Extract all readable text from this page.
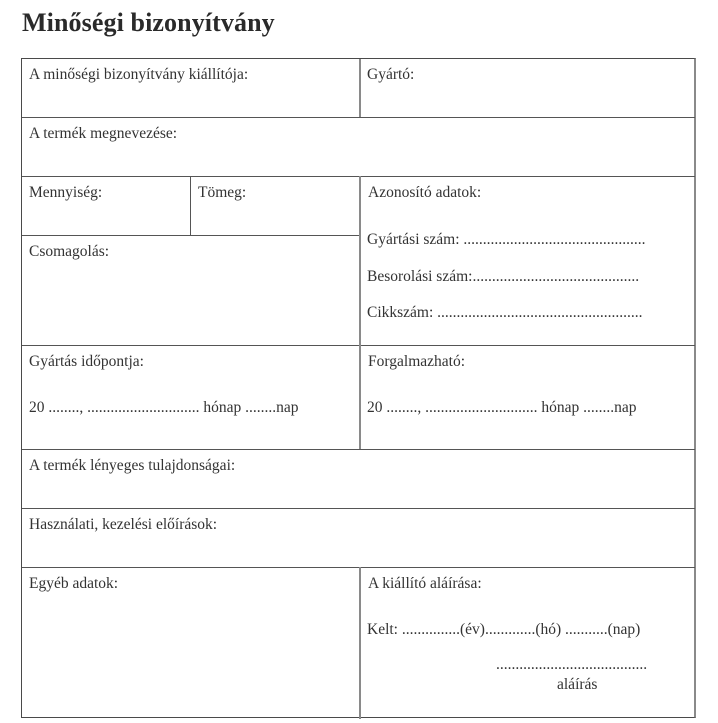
Minőségi bizonyítvány
A minőségi bizonyítvány kiállítója:	Gyártó:
A termék megnevezése:
Mennyiség:	Tömeg:
Csomagolás:
Azonosító adatok:
Gyártási szám: ...............................................
Besorolási szám:...........................................
Cikkszám: .....................................................
Gyártás időpontja:
20 ........, ............................. hónap ........nap
Forgalmazható:
20 ........, ............................. hónap ........nap
A termék lényeges tulajdonságai:
Használati, kezelési előírások:
Egyéb adatok:	A kiállító aláírása:
Kelt: ...............(év).............(hó) ...........(nap)
.......................................
aláírás
